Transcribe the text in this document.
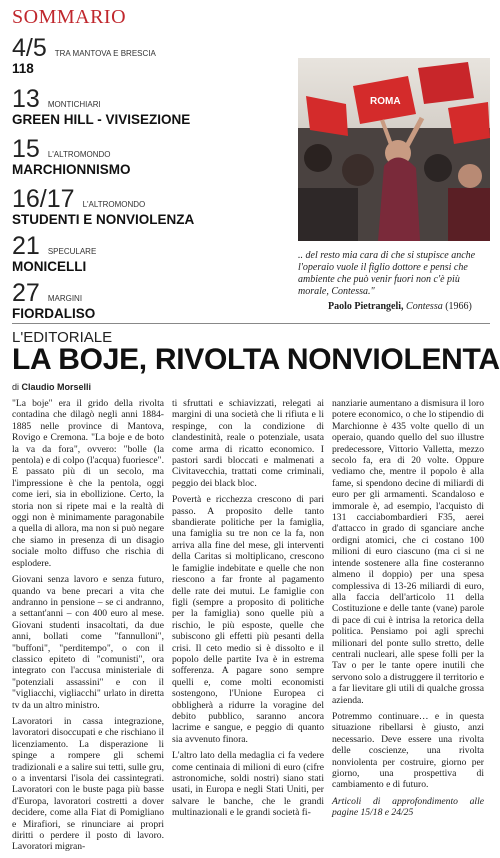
SOMMARIO
4/5 TRA MANTOVA E BRESCIA
118
13 MONTICHIARI
GREEN HILL - VIVISEZIONE
15 L'ALTROMONDO
MARCHIONNISMO
16/17 L'ALTROMONDO
STUDENTI E NONVIOLENZA
21 SPECULARE
MONICELLI
27 MARGINI
FIORDALISO
ROMA
.. del resto mia cara di che si stupisce anche l'operaio vuole il figlio dottore e pensi che ambiente che può venir fuori non c'è più morale, Contessa."
Paolo Pietrangeli, Contessa (1966)
L'EDITORIALE
LA BOJE, RIVOLTA NONVIOLENTA
di Claudio Morselli

"La boje" era il grido della rivolta contadina che dilagò negli anni 1884-1885 nelle province di Mantova, Rovigo e Cremona. "La boje e de boto la va da fora", ovvero: "bolle (la pentola) e di colpo (l'acqua) fuoriesce". E passato più di un secolo, ma l'impressione è che la pentola, oggi come ieri, sia in ebollizione. Certo, la storia non si ripete mai e la realtà di oggi non è minimamente paragonabile a quella di allora, ma non si può negare che siamo in presenza di un disagio sociale molto diffuso che rischia di esplodere.

Giovani senza lavoro e senza futuro, quando va bene precari a vita che andranno in pensione – se ci andranno, a settant'anni – con 400 euro al mese. Giovani studenti insacoltati, da due anni, bollati come "fannulloni", "buffoni", "perditempo", o con il classico epiteto di "comunisti", ora integrato con l'accusa ministeriale di "potenziali assassini" e con il "vigliacchi, vigliacchi" urlato in diretta tv da un altro ministro.

Lavoratori in cassa integrazione, lavoratori disoccupati e che rischiano il licenziamento. La disperazione li spinge a rompere gli schemi tradizionali e a salire sui tetti, sulle gru, o a inventarsi l'isola dei cassintegrati. Lavoratori con le buste paga più basse d'Europa, lavoratori costretti a dover decidere, come alla Fiat di Pomigliano e Mirafiori, se rinunciare ai propri diritti o perdere il posto di lavoro. Lavoratori migran-

ti sfruttati e schiavizzati, relegati ai margini di una società che li rifiuta e li respinge, con la condizione di clandestinità, reale o potenziale, usata come arma di ricatto economico. I pastori sardi bloccati e malmenati a Civitavecchia, trattati come criminali, peggio dei black bloc.

Povertà e ricchezza crescono di pari passo. A proposito delle tanto sbandierate politiche per la famiglia, una famiglia su tre non ce la fa, non arriva alla fine del mese, gli interventi della Caritas si moltiplicano, crescono le famiglie indebitate e quelle che non riescono a far fronte al pagamento delle rate dei mutui. Le famiglie con figli (sempre a proposito di politiche per la famiglia) sono quelle più a rischio, le più esposte, quelle che subiscono gli effetti più pesanti della crisi. Il ceto medio si è dissolto e il popolo delle partite Iva è in estrema sofferenza. A pagare sono sempre quelli e, come molti economisti sostengono, l'Unione Europea ci obbligherà a ridurre la voragine del debito pubblico, saranno ancora lacrime e sangue, e peggio di quanto sia avvenuto finora.

L'altro lato della medaglia ci fa vedere come centinaia di milioni di euro (cifre astronomiche, soldi nostri) siano stati usati, in Europa e negli Stati Uniti, per salvare le banche, che le grandi multinazionali e le grandi società fi-

nanziarie aumentano a dismisura il loro potere economico, o che lo stipendio di Marchionne è 435 volte quello di un operaio, quando quello del suo illustre predecessore, Vittorio Valletta, mezzo secolo fa, era di 20 volte. Oppure vediamo che, mentre il popolo è alla fame, si spendono decine di miliardi di euro per gli armamenti. Scandaloso e immorale è, ad esempio, l'acquisto di 131 cacciabombardieri F35, aerei d'attacco in grado di sganciare anche ordigni atomici, che ci costano 100 milioni di euro ciascuno (ma ci si ne intende sostenere alla fine costeranno almeno il doppio) per una spesa complessiva di 13-26 miliardi di euro, alla faccia dell'articolo 11 della Costituzione e delle tante (vane) parole di pace di cui è intrisa la retorica della politica. Pensiamo poi agli sprechi milionari del ponte sullo stretto, delle centrali nucleari, alle spese folli per la Tav o per le tante opere inutili che servono solo a distruggere il territorio e a far lievitare gli utili di qualche grossa azienda.

Potremmo continuare… e in questa situazione ribellarsi è giusto, anzi necessario. Deve essere una rivolta delle coscienze, una rivolta nonviolenta per costruire, giorno per giorno, una prospettiva di cambiamento e di futuro.

Articoli di approfondimento alle pagine 15/18 e 24/25
